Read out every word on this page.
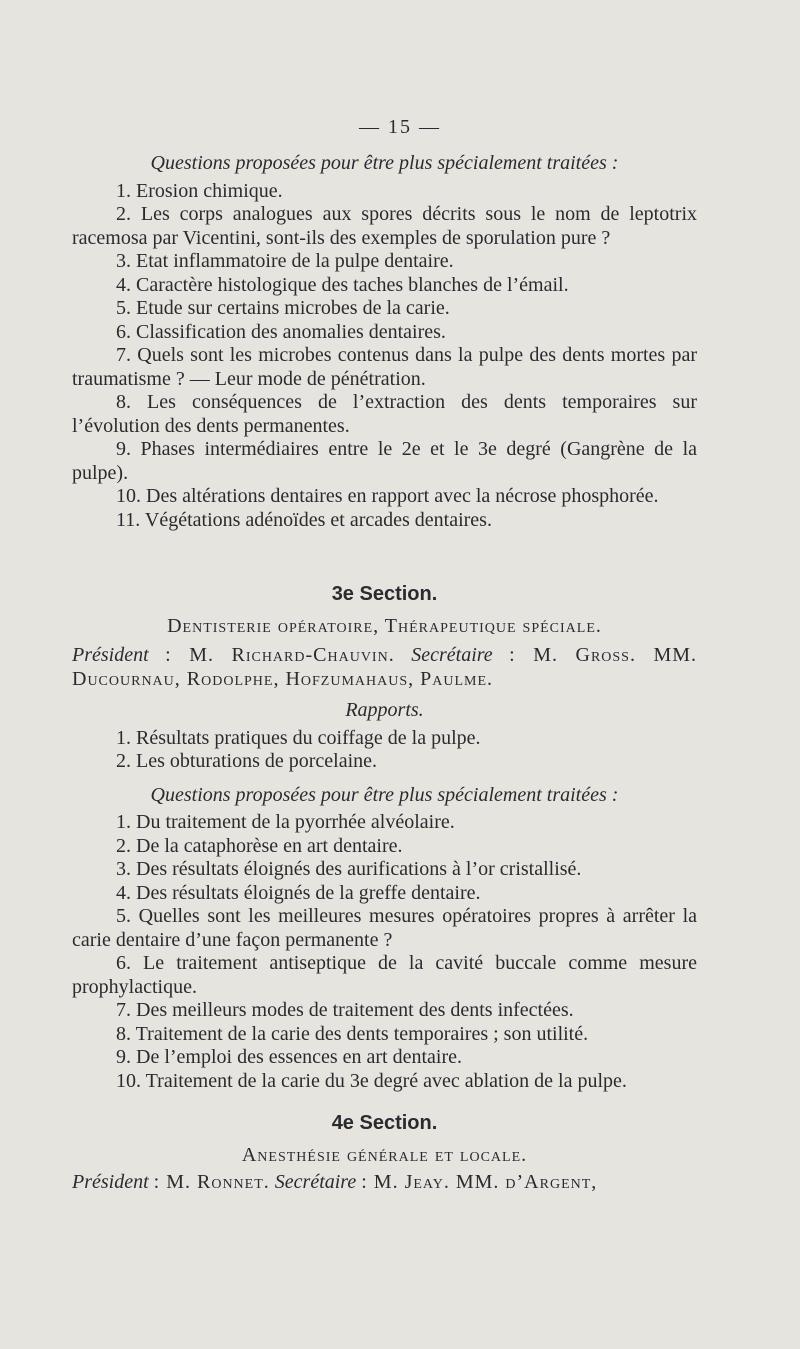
— 15 —
Questions proposées pour être plus spécialement traitées :
1. Erosion chimique.
2. Les corps analogues aux spores décrits sous le nom de leptotrix racemosa par Vicentini, sont-ils des exemples de sporulation pure ?
3. Etat inflammatoire de la pulpe dentaire.
4. Caractère histologique des taches blanches de l’émail.
5. Etude sur certains microbes de la carie.
6. Classification des anomalies dentaires.
7. Quels sont les microbes contenus dans la pulpe des dents mortes par traumatisme ? — Leur mode de pénétration.
8. Les conséquences de l’extraction des dents temporaires sur l’évolution des dents permanentes.
9. Phases intermédiaires entre le 2e et le 3e degré (Gangrène de la pulpe).
10. Des altérations dentaires en rapport avec la nécrose phosphorée.
11. Végétations adénoïdes et arcades dentaires.
3e Section.
Dentisterie opératoire, Thérapeutique spéciale.
Président : M. Richard-Chauvin. Secrétaire : M. Gross. MM. Ducournau, Rodolphe, Hofzumahaus, Paulme.
Rapports.
1. Résultats pratiques du coiffage de la pulpe.
2. Les obturations de porcelaine.
Questions proposées pour être plus spécialement traitées :
1. Du traitement de la pyorrhée alvéolaire.
2. De la cataphorèse en art dentaire.
3. Des résultats éloignés des aurifications à l’or cristallisé.
4. Des résultats éloignés de la greffe dentaire.
5. Quelles sont les meilleures mesures opératoires propres à arrêter la carie dentaire d’une façon permanente ?
6. Le traitement antiseptique de la cavité buccale comme mesure prophylactique.
7. Des meilleurs modes de traitement des dents infectées.
8. Traitement de la carie des dents temporaires ; son utilité.
9. De l’emploi des essences en art dentaire.
10. Traitement de la carie du 3e degré avec ablation de la pulpe.
4e Section.
Anesthésie générale et locale.
Président : M. Ronnet. Secrétaire : M. Jeay. MM. d’Argent,
